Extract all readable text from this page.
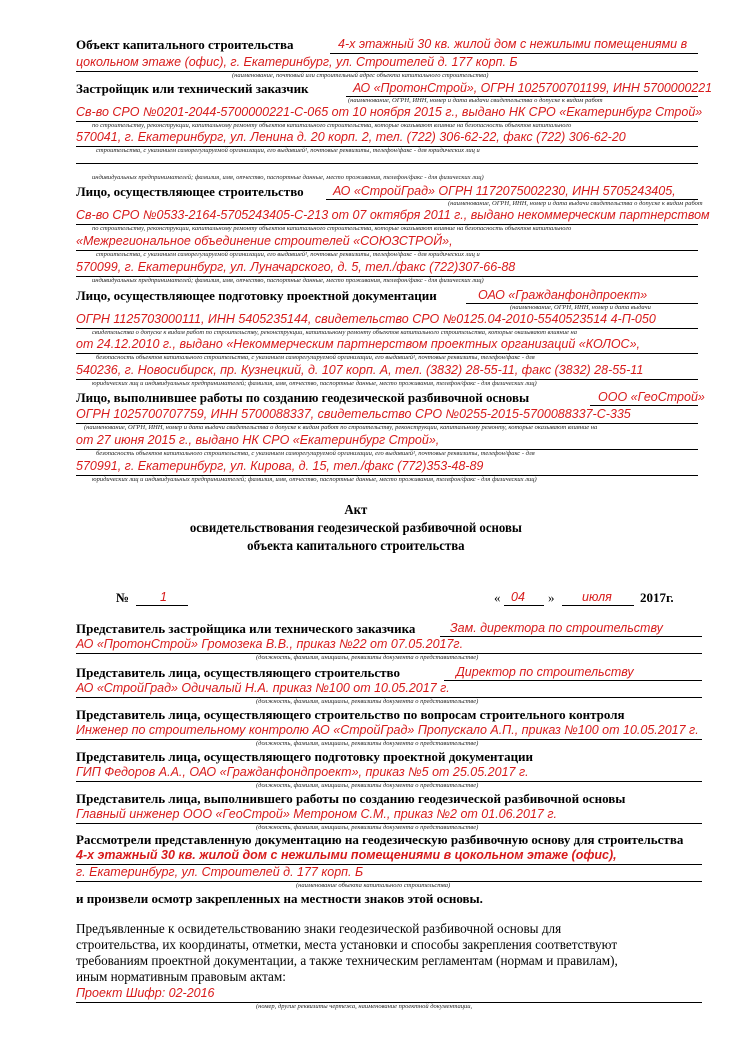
Объект капитального строительства	4-х этажный 30 кв. жилой дом с нежилыми помещениями в
цокольном этаже (офис), г. Екатеринбург, ул. Строителей д. 177 корп. Б
(наименование, почтовый или строительный адрес объекта капитального строительства)
Застройщик или технический заказчик	АО «ПротонСтрой», ОГРН 1025700701199, ИНН 5700000221
(наименование, ОГРН, ИНН, номер и дата выдачи свидетельства о допуске к видам работ
Св-во СРО №0201-2044-5700000221-С-065 от 10 ноября 2015 г., выдано НК СРО «Екатеринбург Строй»
по строительству, реконструкции, капитальному ремонту объектов капитального строительства, которые оказывают влияние на безопасность объектов капитального
570041, г. Екатеринбург, ул. Ленина д. 20 корп. 2, тел. (722) 306-62-22, факс (722) 306-62-20
строительства, с указанием саморегулируемой организации, его выдавшей¹, почтовые реквизиты, телефон/факс - для юридических лиц и
индивидуальных предпринимателей; фамилия, имя, отчество, паспортные данные, место проживания, телефон/факс - для физических лиц)
Лицо, осуществляющее строительство АО «СтройГрад» ОГРН 1172075002230, ИНН 5705243405,
(наименование, ОГРН, ИНН, номер и дата выдачи свидетельства о допуске к видам работ
Св-во СРО №0533-2164-5705243405-С-213 от 07 октября 2011 г., выдано некоммерческим партнерством
по строительству, реконструкции, капитальному ремонту объектов капитального строительства, которые оказывают влияние на безопасность объектов капитального
«Межрегиональное объединение строителей «СОЮЗСТРОЙ»,
строительства, с указанием саморегулируемой организации, его выдавшей¹, почтовые реквизиты, телефон/факс - для юридических лиц и
570099, г. Екатеринбург, ул. Луначарского, д. 5, тел./факс (722)307-66-88
индивидуальных предпринимателей; фамилия, имя, отчество, паспортные данные, место проживания, телефон/факс - для физических лиц)
Лицо, осуществляющее подготовку проектной документации	ОАО «Гражданфондпроект»
(наименование, ОГРН, ИНН, номер и дата выдачи
ОГРН 1125703000111, ИНН 5405235144, свидетельство СРО №0125.04-2010-5540523514 4-П-050
свидетельства о допуске к видам работ по строительству, реконструкции, капитальному ремонту объектов капитального строительства, которые оказывают влияние на
от 24.12.2010 г., выдано «Некоммерческим партнерством проектных организаций «КОЛОС»,
безопасность объектов капитального строительства, с указанием саморегулируемой организации, его выдавшей¹, почтовые реквизиты, телефон/факс - для
540236, г. Новосибирск, пр. Кузнецкий, д. 107 корп. А, тел. (3832) 28-55-11, факс (3832) 28-55-11
юридических лиц и индивидуальных предпринимателей; фамилия, имя, отчество, паспортные данные, место проживания, телефон/факс - для физических лиц)
Лицо, выполнившее работы по созданию геодезической разбивочной основы	ООО «ГеоСтрой»
ОГРН 1025700707759, ИНН 5700088337, свидетельство СРО №0255-2015-5700088337-С-335
(наименование, ОГРН, ИНН, номер и дата выдачи свидетельства о допуске к видам работ по строительству, реконструкции, капитальному ремонту, которые оказывают влияние на
от 27 июня 2015 г., выдано НК СРО «Екатеринбург Строй»,
безопасность объектов капитального строительства, с указанием саморегулируемой организации, его выдавшей¹, почтовые реквизиты, телефон/факс - для
570991, г. Екатеринбург, ул. Кирова, д. 15, тел./факс (772)353-48-89
юридических лиц и индивидуальных предпринимателей; фамилия, имя, отчество, паспортные данные, место проживания, телефон/факс - для физических лиц)
Акт
освидетельствования геодезической разбивочной основы
объекта капитального строительства
№ 1	« 04 » июля 2017г.
Представитель застройщика или технического заказчика	Зам. директора по строительству
АО «ПротонСтрой» Громозека В.В., приказ №22 от 07.05.2017г.
(должность, фамилия, инициалы, реквизиты документа о представительстве)
Представитель лица, осуществляющего строительство	Директор по строительству
АО «СтройГрад» Одичалый Н.А. приказ №100 от 10.05.2017 г.
(должность, фамилия, инициалы, реквизиты документа о представительстве)
Представитель лица, осуществляющего строительство по вопросам строительного контроля
Инженер по строительному контролю АО «СтройГрад» Пропускало А.П., приказ №100 от 10.05.2017 г.
(должность, фамилия, инициалы, реквизиты документа о представительстве)
Представитель лица, осуществляющего подготовку проектной документации
ГИП Федоров А.А., ОАО «Гражданфондпроект», приказ №5 от 25.05.2017 г.
(должность, фамилия, инициалы, реквизиты документа о представительстве)
Представитель лица, выполнившего работы по созданию геодезической разбивочной основы
Главный инженер ООО «ГеоСтрой» Метроном С.М., приказ №2 от 01.06.2017 г.
(должность, фамилия, инициалы, реквизиты документа о представительстве)
Рассмотрели представленную документацию на геодезическую разбивочную основу для строительства
4-х этажный 30 кв. жилой дом с нежилыми помещениями в цокольном этаже (офис),
г. Екатеринбург, ул. Строителей д. 177 корп. Б
(наименование объекта капитального строительства)
и произвели осмотр закрепленных на местности знаков этой основы.
Предъявленные к освидетельствованию знаки геодезической разбивочной основы для
строительства, их координаты, отметки, места установки и способы закрепления соответствуют
требованиям проектной документации, а также техническим регламентам (нормам и правилам),
иным нормативным правовым актам:
Проект Шифр: 02-2016
(номер, другие реквизиты чертежа, наименование проектной документации,
